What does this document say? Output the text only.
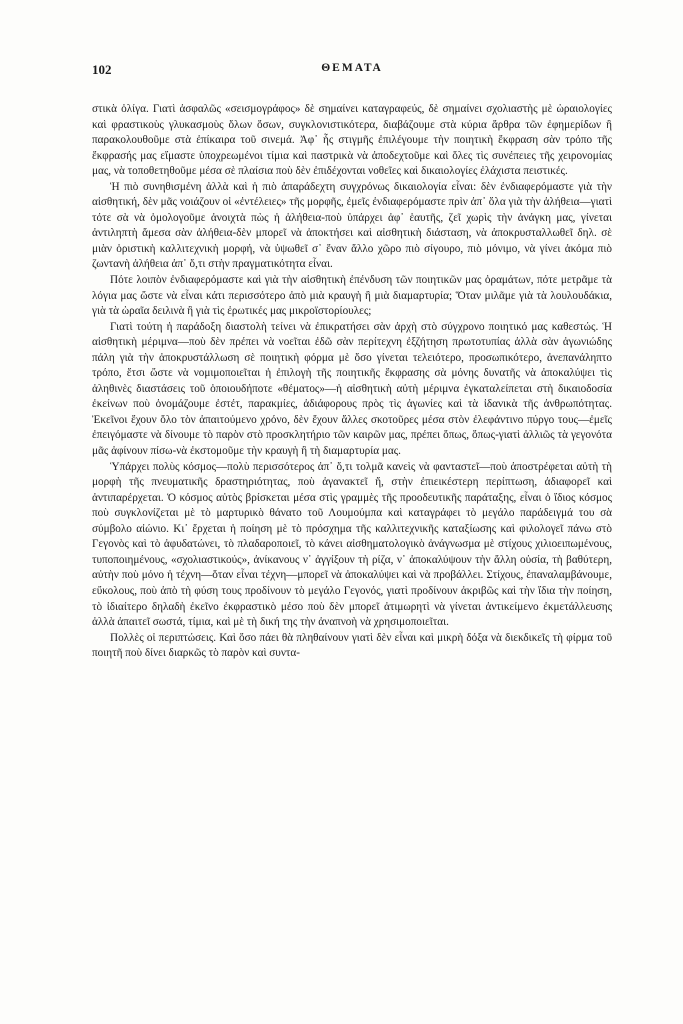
102	ΘΕΜΑΤΑ

στικὰ ὀλίγα. Γιατὶ ἀσφαλῶς «σεισμογράφος» δὲ σημαίνει καταγραφεύς, δὲ σημαίνει σχολιαστὴς μὲ ὡραιολογίες καὶ φραστικοὺς γλυκασμοὺς ὅλων ὅσων, συγκλονιστικότερα, διαβάζουμε στὰ κύρια ἄρθρα τῶν ἐφημερίδων ἢ παρακολουθοῦμε στὰ ἐπίκαιρα τοῦ σινεμά. Ἀφ᾽ ἧς στιγμῆς ἐπιλέγουμε τὴν ποιητικὴ ἔκφραση σὰν τρόπο τῆς ἔκφρασής μας εἴμαστε ὑποχρεωμένοι τίμια καὶ παστρικὰ νὰ ἀποδεχτοῦμε καὶ ὅλες τὶς συνέπειες τῆς χειρονομίας μας, νὰ τοποθετηθοῦμε μέσα σὲ πλαίσια ποὺ δὲν ἐπιδέχονται νοθεῖες καὶ δικαιολογίες ἐλάχιστα πειστικές.

Ἡ πιὸ συνηθισμένη ἀλλὰ καὶ ἡ πιὸ ἀπαράδεχτη συγχρόνως δικαιολογία εἶναι: δὲν ἐνδιαφερόμαστε γιὰ τὴν αἰσθητική, δὲν μᾶς νοιάζουν οἱ «ἐντέλειες» τῆς μορφῆς, ἐμεῖς ἐνδιαφερόμαστε πρὶν ἀπ᾽ ὅλα γιὰ τὴν ἀλήθεια—γιατὶ τότε σὰ νὰ ὁμολογοῦμε ἀνοιχτὰ πὼς ἡ ἀλήθεια-ποὺ ὑπάρχει ἀφ᾽ ἑαυτῆς, ζεῖ χωρὶς τὴν ἀνάγκη μας, γίνεται ἀντιληπτὴ ἄμεσα σὰν ἀλήθεια-δὲν μπορεῖ νὰ ἀποκτήσει καὶ αἰσθητικὴ διάσταση, νὰ ἀποκρυσταλλωθεῖ δηλ. σὲ μιὰν ὁριστικὴ καλλιτεχνικὴ μορφή, νὰ ὑψωθεῖ σ᾽ ἕναν ἄλλο χῶρο πιὸ σίγουρο, πιὸ μόνιμο, νὰ γίνει ἀκόμα πιὸ ζωντανὴ ἀλήθεια ἀπ᾽ ὅ,τι στὴν πραγματικότητα εἶναι.

Πότε λοιπὸν ἐνδιαφερόμαστε καὶ γιὰ τὴν αἰσθητικὴ ἐπένδυση τῶν ποιητικῶν μας ὁραμάτων, πότε μετρᾶμε τὰ λόγια μας ὥστε νὰ εἶναι κάτι περισσότερο ἀπὸ μιὰ κραυγὴ ἢ μιὰ διαμαρτυρία; Ὅταν μιλᾶμε γιὰ τὰ λουλουδάκια, γιὰ τὰ ὡραῖα δειλινὰ ἢ γιὰ τὶς ἐρωτικές μας μικροϊστορίουλες;

Γιατὶ τούτη ἡ παράδοξη διαστολὴ τείνει νὰ ἐπικρατήσει σὰν ἀρχὴ στὸ σύγχρονο ποιητικό μας καθεστώς. Ἡ αἰσθητικὴ μέριμνα—ποὺ δὲν πρέπει νὰ νοεῖται ἐδῶ σὰν περίτεχνη ἐξζήτηση πρωτοτυπίας ἀλλὰ σὰν ἀγωνιώδης πάλη γιὰ τὴν ἀποκρυστάλλωση σὲ ποιητικὴ φόρμα μὲ ὅσο γίνεται τελειότερο, προσωπικότερο, ἀνεπανάληπτο τρόπο, ἔτσι ὥστε νὰ νομιμοποιεῖται ἡ ἐπιλογὴ τῆς ποιητικῆς ἔκφρασης σὰ μόνης δυνατῆς νὰ ἀποκαλύψει τὶς ἀληθινὲς διαστάσεις τοῦ ὁποιουδήποτε «θέματος»—ἡ αἰσθητικὴ αὐτὴ μέριμνα ἐγκαταλείπεται στὴ δικαιοδοσία ἐκείνων ποὺ ὀνομάζουμε ἐστέτ, παρακμίες, ἀδιάφορους πρὸς τὶς ἀγωνίες καὶ τὰ ἰδανικὰ τῆς ἀνθρωπότητας. Ἐκεῖνοι ἔχουν ὅλο τὸν ἀπαιτούμενο χρόνο, δὲν ἔχουν ἄλλες σκοτοῦρες μέσα στὸν ἐλεφάντινο πύργο τους—ἐμεῖς ἐπειγόμαστε νὰ δίνουμε τὸ παρὸν στὸ προσκλητήριο τῶν καιρῶν μας, πρέπει ὅπως, ὅπως-γιατὶ ἀλλιῶς τὰ γεγονότα μᾶς ἀφίνουν πίσω-νὰ ἐκστομοῦμε τὴν κραυγὴ ἢ τὴ διαμαρτυρία μας.

Ὑπάρχει πολὺς κόσμος—πολὺ περισσότερος ἀπ᾽ ὅ,τι τολμᾶ κανεὶς νὰ φανταστεῖ—ποὺ ἀποστρέφεται αὐτὴ τὴ μορφὴ τῆς πνευματικῆς δραστηριότητας, ποὺ ἀγανακτεῖ ἤ, στὴν ἐπιεικέστερη περίπτωση, ἀδιαφορεῖ καὶ ἀντιπαρέρχεται. Ὁ κόσμος αὐτὸς βρίσκεται μέσα στὶς γραμμὲς τῆς προοδευτικῆς παράταξης, εἶναι ὁ ἴδιος κόσμος ποὺ συγκλονίζεται μὲ τὸ μαρτυρικὸ θάνατο τοῦ Λουμούμπα καὶ καταγράφει τὸ μεγάλο παράδειγμά του σὰ σύμβολο αἰώνιο. Κι᾽ ἔρχεται ἡ ποίηση μὲ τὸ πρόσχημα τῆς καλλιτεχνικῆς καταξίωσης καὶ φιλολογεῖ πάνω στὸ Γεγονὸς καὶ τὸ ἀφυδατώνει, τὸ πλαδαροποιεῖ, τὸ κάνει αἰσθηματολογικὸ ἀνάγνωσμα μὲ στίχους χιλιοειπωμένους, τυποποιημένους, «σχολιαστικούς», ἀνίκανους ν᾽ ἀγγίξουν τὴ ρίζα, ν᾽ ἀποκαλύψουν τὴν ἄλλη οὐσία, τὴ βαθύτερη, αὐτὴν ποὺ μόνο ἡ τέχνη—ὅταν εἶναι τέχνη—μπορεῖ νὰ ἀποκαλύψει καὶ νὰ προβάλλει. Στίχους, ἐπαναλαμβάνουμε, εὔκολους, ποὺ ἀπὸ τὴ φύση τους προδίνουν τὸ μεγάλο Γεγονός, γιατὶ προδίνουν ἀκριβῶς καὶ τὴν ἴδια τὴν ποίηση, τὸ ἰδιαίτερο δηλαδὴ ἐκεῖνο ἐκφραστικὸ μέσο ποὺ δὲν μπορεῖ ἀτιμωρητὶ νὰ γίνεται ἀντικείμενο ἐκμετάλλευσης ἀλλὰ ἀπαιτεῖ σωστά, τίμια, καὶ μὲ τὴ δική της τὴν ἀναπνοὴ νὰ χρησιμοποιεῖται.

Πολλὲς οἱ περιπτώσεις. Καὶ ὅσο πάει θὰ πληθαίνουν γιατὶ δὲν εἶναι καὶ μικρὴ δόξα νὰ διεκδικεῖς τὴ φίρμα τοῦ ποιητῆ ποὺ δίνει διαρκῶς τὸ παρὸν καὶ συντα-
